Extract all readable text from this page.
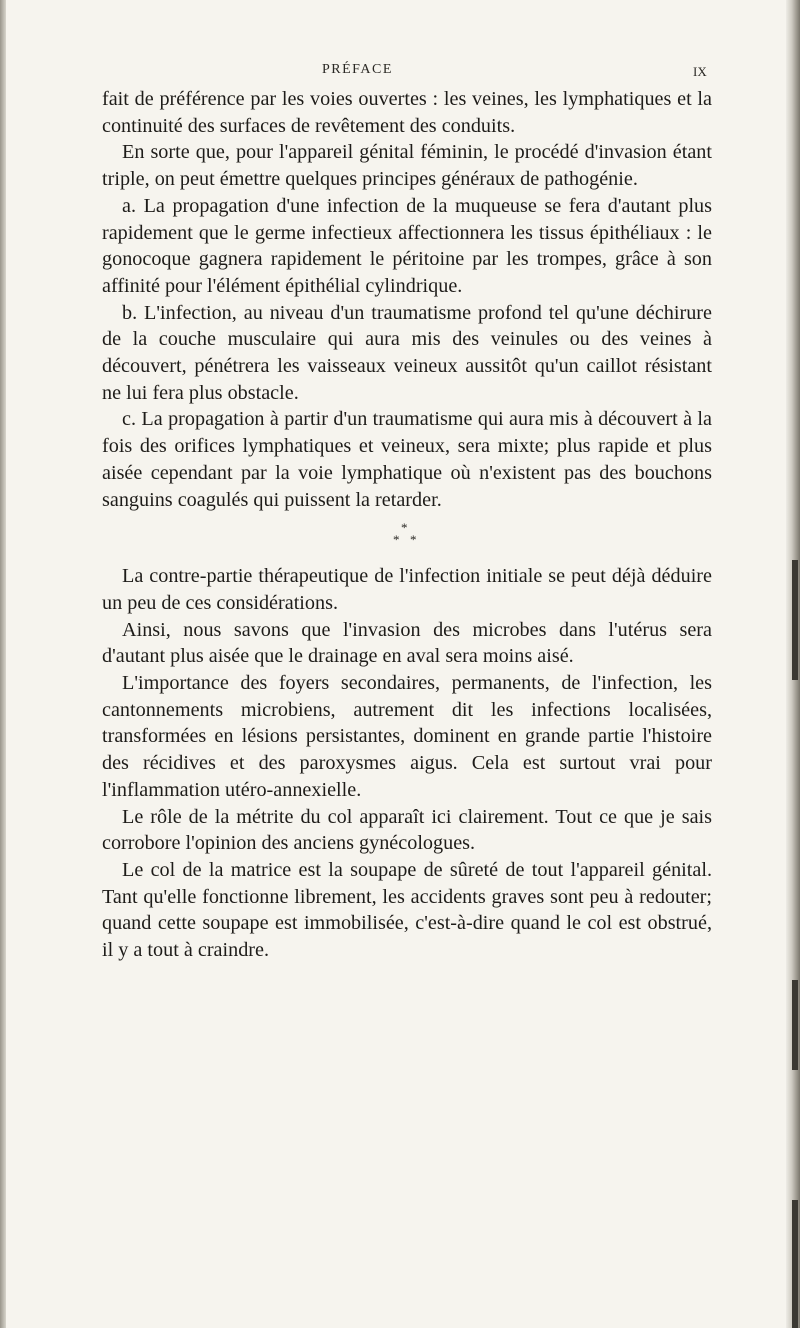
PRÉFACE	IX

fait de préférence par les voies ouvertes : les veines, les lymphatiques et la continuité des surfaces de revêtement des conduits.

En sorte que, pour l'appareil génital féminin, le procédé d'invasion étant triple, on peut émettre quelques principes généraux de pathogénie.

a. La propagation d'une infection de la muqueuse se fera d'autant plus rapidement que le germe infectieux affectionnera les tissus épithéliaux : le gonocoque gagnera rapidement le péritoine par les trompes, grâce à son affinité pour l'élément épithélial cylindrique.

b. L'infection, au niveau d'un traumatisme profond tel qu'une déchirure de la couche musculaire qui aura mis des veinules ou des veines à découvert, pénétrera les vaisseaux veineux aussitôt qu'un caillot résistant ne lui fera plus obstacle.

c. La propagation à partir d'un traumatisme qui aura mis à découvert à la fois des orifices lymphatiques et veineux, sera mixte; plus rapide et plus aisée cependant par la voie lymphatique où n'existent pas des bouchons sanguins coagulés qui puissent la retarder.

*
* *

La contre-partie thérapeutique de l'infection initiale se peut déjà déduire un peu de ces considérations.

Ainsi, nous savons que l'invasion des microbes dans l'utérus sera d'autant plus aisée que le drainage en aval sera moins aisé.

L'importance des foyers secondaires, permanents, de l'infection, les cantonnements microbiens, autrement dit les infections localisées, transformées en lésions persistantes, dominent en grande partie l'histoire des récidives et des paroxysmes aigus. Cela est surtout vrai pour l'inflammation utéro-annexielle.

Le rôle de la métrite du col apparaît ici clairement. Tout ce que je sais corrobore l'opinion des anciens gynécologues.

Le col de la matrice est la soupape de sûreté de tout l'appareil génital. Tant qu'elle fonctionne librement, les accidents graves sont peu à redouter; quand cette soupape est immobilisée, c'est-à-dire quand le col est obstrué, il y a tout à craindre.
